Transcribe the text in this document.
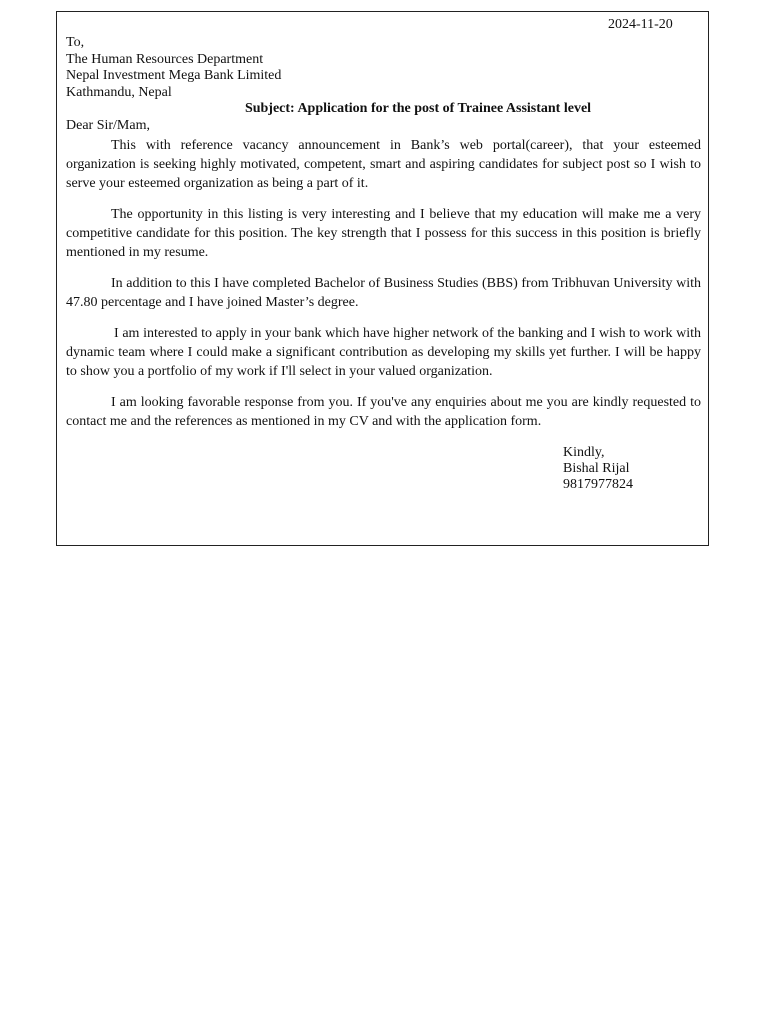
2024-11-20
To,
The Human Resources Department
Nepal Investment Mega Bank Limited
Kathmandu, Nepal
Subject: Application for the post of Trainee Assistant level
Dear Sir/Mam,

This with reference vacancy announcement in Bank’s web portal(career), that your esteemed organization is seeking highly motivated, competent, smart and aspiring candidates for subject post so I wish to serve your esteemed organization as being a part of it.

The opportunity in this listing is very interesting and I believe that my education will make me a very competitive candidate for this position. The key strength that I possess for this success in this position is briefly mentioned in my resume.

In addition to this I have completed Bachelor of Business Studies (BBS) from Tribhuvan University with 47.80 percentage and I have joined Master’s degree.

I am interested to apply in your bank which have higher network of the banking and I wish to work with dynamic team where I could make a significant contribution as developing my skills yet further. I will be happy to show you a portfolio of my work if I'll select in your valued organization.

I am looking favorable response from you. If you've any enquiries about me you are kindly requested to contact me and the references as mentioned in my CV and with the application form.

Kindly,
Bishal Rijal
9817977824
